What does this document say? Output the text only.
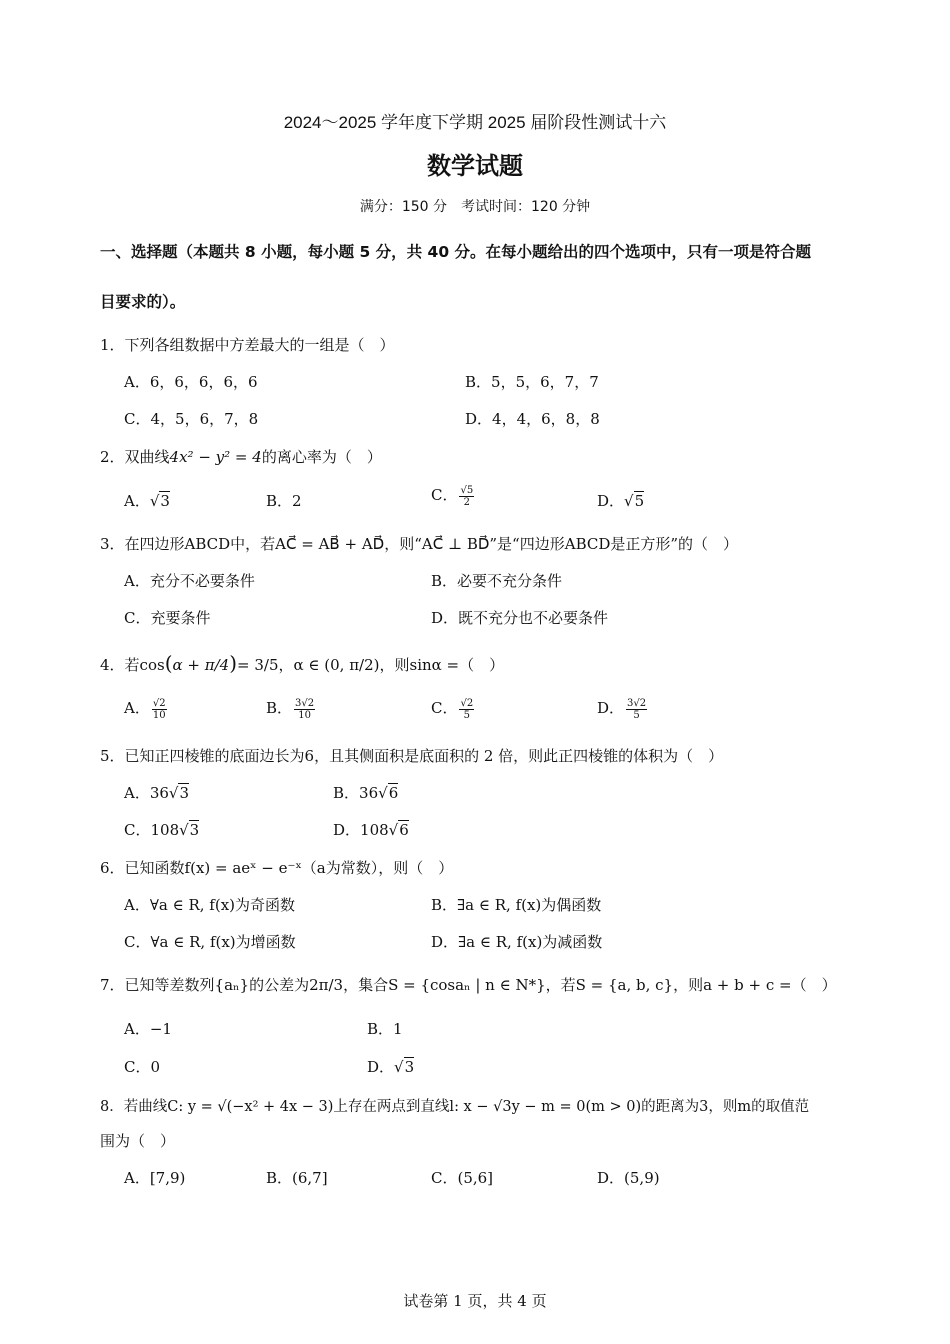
2024～2025 学年度下学期 2025 届阶段性测试十六
数学试题
满分：150 分　考试时间：120 分钟
一、选择题（本题共 8 小题，每小题 5 分，共 40 分。在每小题给出的四个选项中，只有一项是符合题
目要求的）。
1．下列各组数据中方差最大的一组是（　）
A．6，6，6，6，6	B．5，5，6，7，7
C．4，5，6，7，8	D．4，4，6，8，8
2．双曲线4x² − y² = 4的离心率为（　）
A．√3	B．2	C． $\frac{√5}{2}$	D．√5
3．在四边形ABCD中，若AC⃗ = AB⃗ + AD⃗，则“AC⃗ ⊥ BD⃗”是“四边形ABCD是正方形”的（　）
A．充分不必要条件	B．必要不充分条件
C．充要条件	D．既不充分也不必要条件
4．若cos(α + π/4)= 3/5，α ∈ (0, π/2)，则sinα =（　）
A． $\frac{√2}{10}$	B． $\frac{3√2}{10}$	C． $\frac{√2}{5}$	D． $\frac{3√2}{5}$
5．已知正四棱锥的底面边长为6，且其侧面积是底面积的 2 倍，则此正四棱锥的体积为（　）
A．36√3	B．36√6
C．108√3	D．108√6
6．已知函数f(x) = aeˣ − e⁻ˣ（a为常数），则（　）
A．∀a ∈ R, f(x)为奇函数	B．∃a ∈ R, f(x)为偶函数
C．∀a ∈ R, f(x)为增函数	D．∃a ∈ R, f(x)为减函数
7．已知等差数列{aₙ}的公差为2π/3，集合S = {cosaₙ | n ∈ N*}，若S = {a, b, c}，则a + b + c =（　）
A．−1	B．1
C．0	D．√3
8．若曲线C: y = √(−x² + 4x − 3)上存在两点到直线l: x − √3y − m = 0(m > 0)的距离为3，则m的取值范
围为（　）
A．[7,9)	B．(6,7]	C．(5,6]	D．(5,9)
试卷第 1 页，共 4 页
